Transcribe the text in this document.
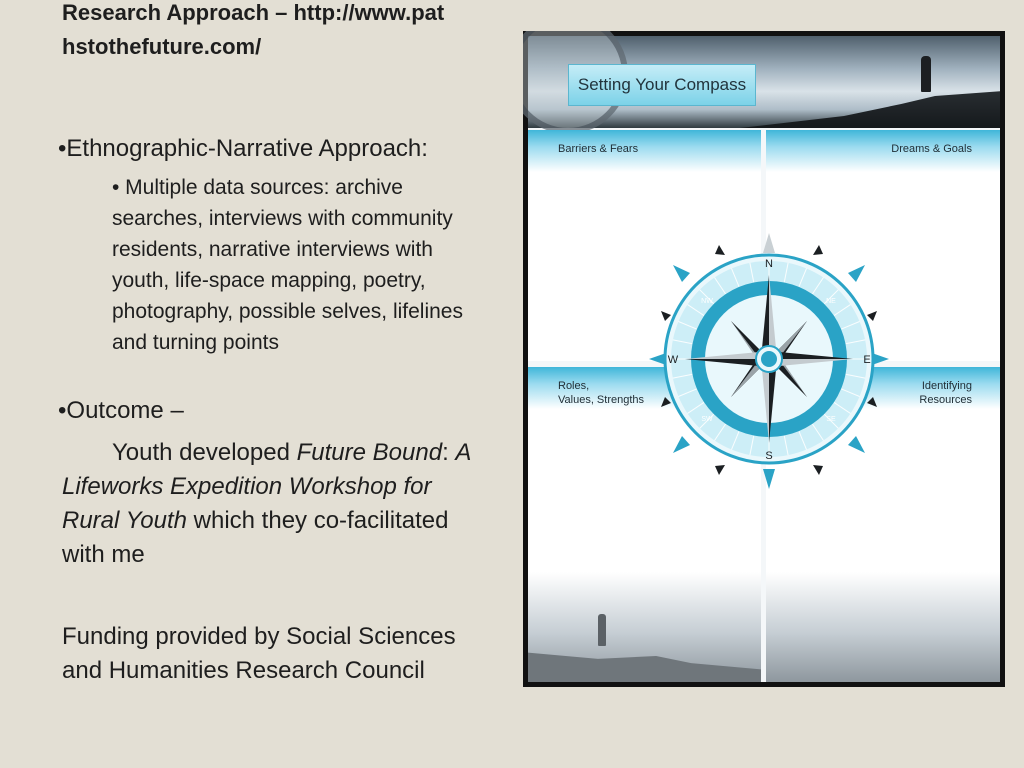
Research Approach – http://www.pathstothefuture.com/

•Ethnographic-Narrative Approach:
• Multiple data sources: archive searches, interviews with community residents, narrative interviews with youth, life-space mapping, poetry, photography, possible selves, lifelines and turning points
•Outcome –
Youth developed Future Bound: A Lifeworks Expedition Workshop for Rural Youth which they co-facilitated with me
Funding provided by Social Sciences and Humanities Research Council
Setting Your Compass
Barriers & Fears	Dreams & Goals
Roles,
Values, Strengths
Identifying
Resources
N
S
E
W
NE
NW
SE
SW
